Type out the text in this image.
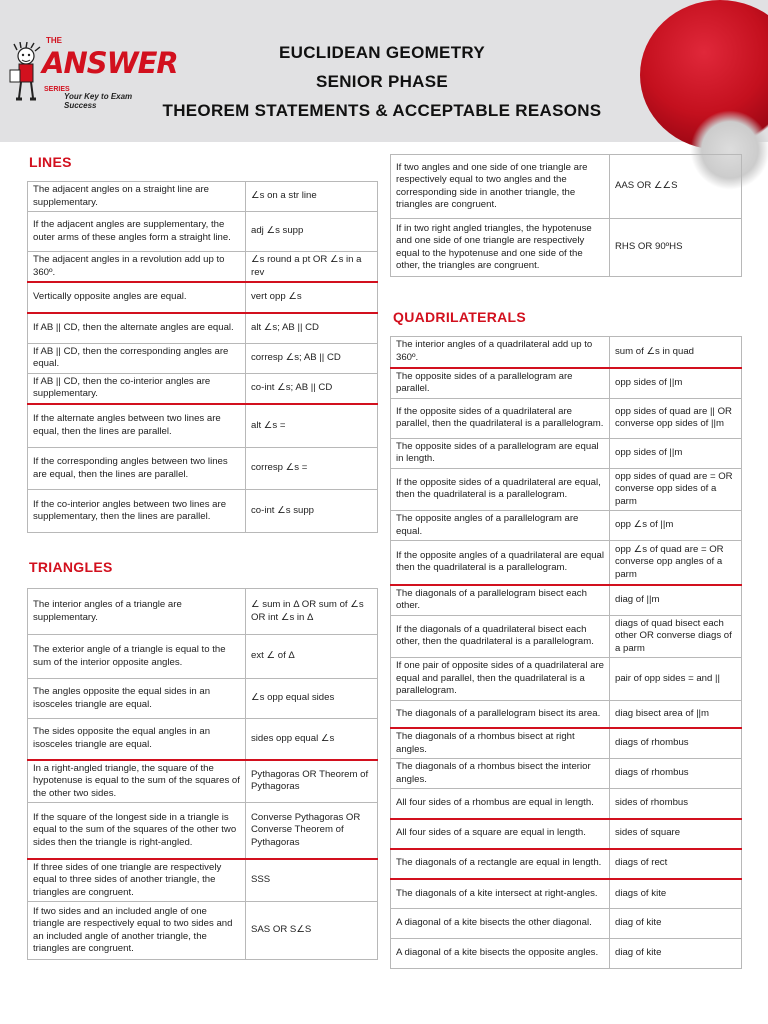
THE
ANSWER
SERIES
Your Key to Exam Success
EUCLIDEAN GEOMETRY
SENIOR PHASE
THEOREM STATEMENTS & ACCEPTABLE REASONS
LINES
TRIANGLES
QUADRILATERALS
The adjacent angles on a straight line are supplementary.	∠s on a str line
If the adjacent angles are supplementary, the outer arms of these angles form a straight line.	adj ∠s supp
The adjacent angles in a revolution add up to 360º.	∠s round a pt OR ∠s in a rev
Vertically opposite angles are equal.	vert opp ∠s
If AB || CD, then the alternate angles are equal.	alt ∠s; AB || CD
If AB || CD, then the corresponding angles are equal.	corresp ∠s; AB || CD
If AB || CD, then the co-interior angles are supplementary.	co-int ∠s; AB || CD
If the alternate angles between two lines are equal, then the lines are parallel.	alt ∠s =
If the corresponding angles between two lines are equal, then the lines are parallel.	corresp ∠s =
If the co-interior angles between two lines are supplementary, then the lines are parallel.	co-int ∠s supp
The interior angles of a triangle are supplementary.	∠ sum in Δ OR sum of ∠s OR int ∠s in Δ
The exterior angle of a triangle is equal to the sum of the interior opposite angles.	ext ∠ of Δ
The angles opposite the equal sides in an isosceles triangle are equal.	∠s opp equal sides
The sides opposite the equal angles in an isosceles triangle are equal.	sides opp equal ∠s
In a right-angled triangle, the square of the hypotenuse is equal to the sum of the squares of the other two sides.	Pythagoras OR Theorem of Pythagoras
If the square of the longest side in a triangle is equal to the sum of the squares of the other two sides then the triangle is right-angled.	Converse Pythagoras OR Converse Theorem of Pythagoras
If three sides of one triangle are respectively equal to three sides of another triangle, the triangles are congruent.	SSS
If two sides and an included angle of one triangle are respectively equal to two sides and an included angle of another triangle, the triangles are congruent.	SAS OR S∠S
If two angles and one side of one triangle are respectively equal to two angles and the corresponding side in another triangle, the triangles are congruent.	AAS OR ∠∠S
If in two right angled triangles, the hypotenuse and one side of one triangle are respectively equal to the hypotenuse and one side of the other, the triangles are congruent.	RHS OR 90ºHS
The interior angles of a quadrilateral add up to 360º.	sum of ∠s in quad
The opposite sides of a parallelogram are parallel.	opp sides of ||m
If the opposite sides of a quadrilateral are parallel, then the quadrilateral is a parallelogram.	opp sides of quad are || OR converse opp sides of ||m
The opposite sides of a parallelogram are equal in length.	opp sides of ||m
If the opposite sides of a quadrilateral are equal, then the quadrilateral is a parallelogram.	opp sides of quad are = OR converse opp sides of a parm
The opposite angles of a parallelogram are equal.	opp ∠s of ||m
If the opposite angles of a quadrilateral are equal then the quadrilateral is a parallelogram.	opp ∠s of quad are = OR converse opp angles of a parm
The diagonals of a parallelogram bisect each other.	diag of ||m
If the diagonals of a quadrilateral bisect each other, then the quadrilateral is a parallelogram.	diags of quad bisect each other OR converse diags of a parm
If one pair of opposite sides of a quadrilateral are equal and parallel, then the quadrilateral is a parallelogram.	pair of opp sides = and ||
The diagonals of a parallelogram bisect its area.	diag bisect area of ||m
The diagonals of a rhombus bisect at right angles.	diags of rhombus
The diagonals of a rhombus bisect the interior angles.	diags of rhombus
All four sides of a rhombus are equal in length.	sides of rhombus
All four sides of a square are equal in length.	sides of square
The diagonals of a rectangle are equal in length.	diags of rect
The diagonals of a kite intersect at right-angles.	diags of kite
A diagonal of a kite bisects the other diagonal.	diag of kite
A diagonal of a kite bisects the opposite angles.	diag of kite
